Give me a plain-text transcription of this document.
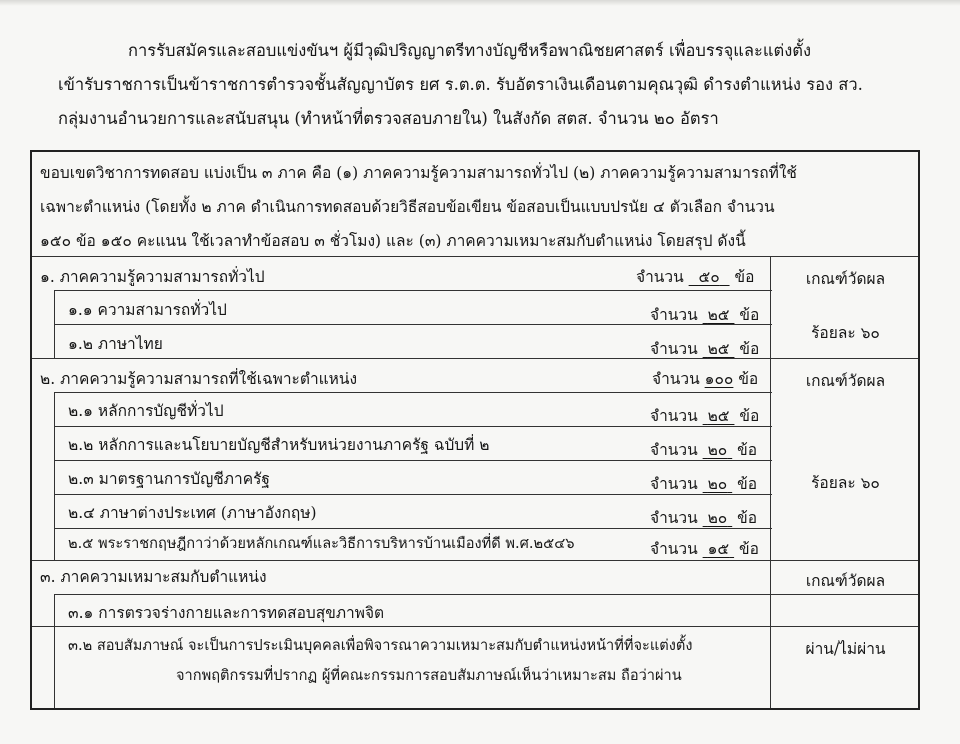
การรับสมัครและสอบแข่งขันฯ ผู้มีวุฒิปริญญาตรีทางบัญชีหรือพาณิชยศาสตร์ เพื่อบรรจุและแต่งตั้ง
เข้ารับราชการเป็นข้าราชการตำรวจชั้นสัญญาบัตร ยศ ร.ต.ต. รับอัตราเงินเดือนตามคุณวุฒิ ดำรงตำแหน่ง รอง สว.
กลุ่มงานอำนวยการและสนับสนุน (ทำหน้าที่ตรวจสอบภายใน) ในสังกัด สตส. จำนวน ๒๐ อัตรา
ขอบเขตวิชาการทดสอบ แบ่งเป็น ๓ ภาค คือ (๑) ภาคความรู้ความสามารถทั่วไป (๒) ภาคความรู้ความสามารถที่ใช้
เฉพาะตำแหน่ง (โดยทั้ง ๒ ภาค ดำเนินการทดสอบด้วยวิธีสอบข้อเขียน ข้อสอบเป็นแบบปรนัย ๔ ตัวเลือก จำนวน
๑๕๐ ข้อ ๑๕๐ คะแนน ใช้เวลาทำข้อสอบ ๓ ชั่วโมง) และ (๓) ภาคความเหมาะสมกับตำแหน่ง โดยสรุป ดังนี้
๑. ภาคความรู้ความสามารถทั่วไป	จำนวน ๕๐ ข้อ	เกณฑ์วัดผล
๑.๑ ความสามารถทั่วไป	จำนวน ๒๕ ข้อ
๑.๒ ภาษาไทย	จำนวน ๒๕ ข้อ
ร้อยละ ๖๐
๒. ภาคความรู้ความสามารถที่ใช้เฉพาะตำแหน่ง	จำนวน ๑๐๐ ข้อ	เกณฑ์วัดผล
๒.๑ หลักการบัญชีทั่วไป	จำนวน ๒๕ ข้อ
๒.๒ หลักการและนโยบายบัญชีสำหรับหน่วยงานภาครัฐ ฉบับที่ ๒	จำนวน ๒๐ ข้อ
๒.๓ มาตรฐานการบัญชีภาครัฐ	จำนวน ๒๐ ข้อ
๒.๔ ภาษาต่างประเทศ (ภาษาอังกฤษ)	จำนวน ๒๐ ข้อ
๒.๕ พระราชกฤษฎีกาว่าด้วยหลักเกณฑ์และวิธีการบริหารบ้านเมืองที่ดี พ.ศ.๒๕๔๖	จำนวน ๑๕ ข้อ
ร้อยละ ๖๐
๓. ภาคความเหมาะสมกับตำแหน่ง	เกณฑ์วัดผล
๓.๑ การตรวจร่างกายและการทดสอบสุขภาพจิต
๓.๒ สอบสัมภาษณ์ จะเป็นการประเมินบุคคลเพื่อพิจารณาความเหมาะสมกับตำแหน่งหน้าที่ที่จะแต่งตั้ง
จากพฤติกรรมที่ปรากฏ ผู้ที่คณะกรรมการสอบสัมภาษณ์เห็นว่าเหมาะสม ถือว่าผ่าน
ผ่าน/ไม่ผ่าน
